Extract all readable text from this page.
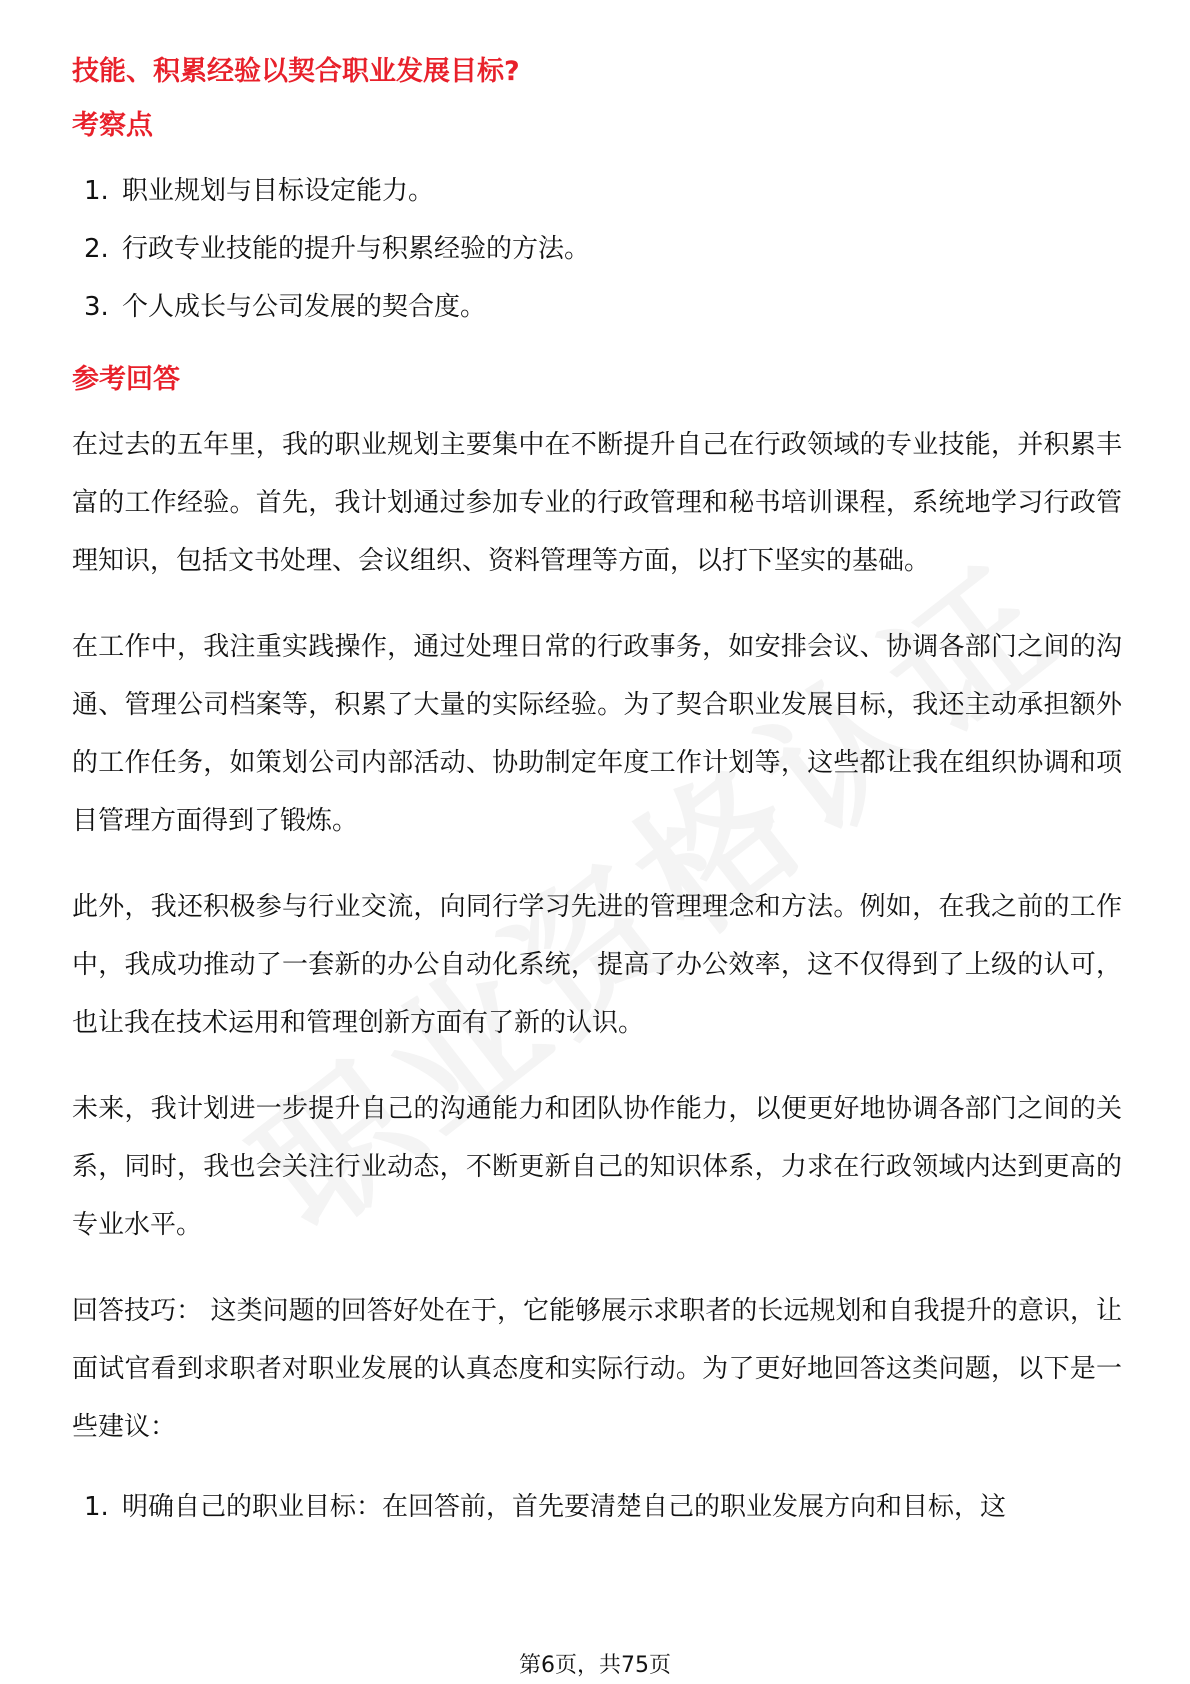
技能、积累经验以契合职业发展目标?
考察点
1. 职业规划与目标设定能力。
2. 行政专业技能的提升与积累经验的方法。
3. 个人成长与公司发展的契合度。
参考回答

在过去的五年里，我的职业规划主要集中在不断提升自己在行政领域的专业技能，并积累丰富的工作经验。首先，我计划通过参加专业的行政管理和秘书培训课程，系统地学习行政管理知识，包括文书处理、会议组织、资料管理等方面，以打下坚实的基础。

在工作中，我注重实践操作，通过处理日常的行政事务，如安排会议、协调各部门之间的沟通、管理公司档案等，积累了大量的实际经验。为了契合职业发展目标，我还主动承担额外的工作任务，如策划公司内部活动、协助制定年度工作计划等，这些都让我在组织协调和项目管理方面得到了锻炼。

此外，我还积极参与行业交流，向同行学习先进的管理理念和方法。例如，在我之前的工作中，我成功推动了一套新的办公自动化系统，提高了办公效率，这不仅得到了上级的认可，也让我在技术运用和管理创新方面有了新的认识。

未来，我计划进一步提升自己的沟通能力和团队协作能力，以便更好地协调各部门之间的关系，同时，我也会关注行业动态，不断更新自己的知识体系，力求在行政领域内达到更高的专业水平。

回答技巧： 这类问题的回答好处在于，它能够展示求职者的长远规划和自我提升的意识，让面试官看到求职者对职业发展的认真态度和实际行动。为了更好地回答这类问题，以下是一些建议：

1. 明确自己的职业目标：在回答前，首先要清楚自己的职业发展方向和目标，这
第6页，共75页
